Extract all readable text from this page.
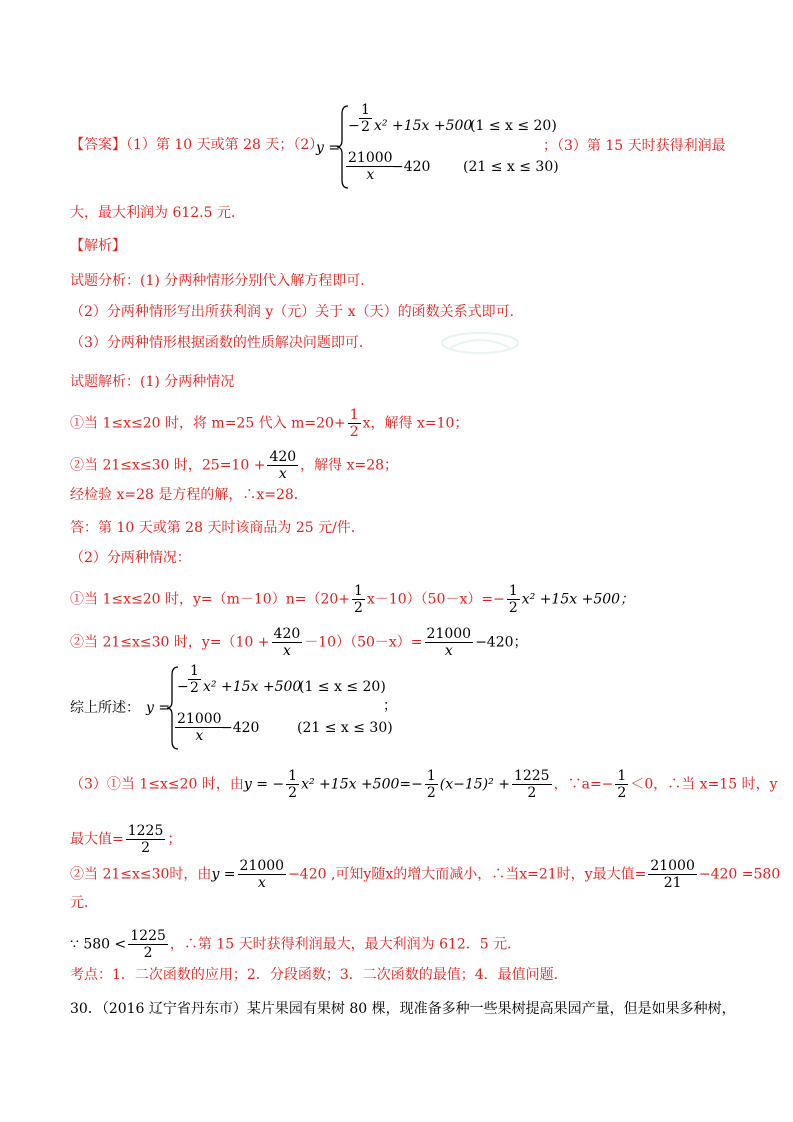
【答案】（1）第 10 天或第 28 天；（2）
y =
− $\frac{1}{2} x^2 +15x +500$
(1 ≤ x ≤ 20)
$\frac{21000}{x}$
−420 (21 ≤ x ≤ 30)
；（3）第 15 天时获得利润最
大，最大利润为 612.5 元．
【解析】
试题分析：(1) 分两种情形分别代入解方程即可．
（2）分两种情形写出所获利润 y（元）关于 x（天）的函数关系式即可．
（3）分两种情形根据函数的性质解决问题即可．
试题解析：(1) 分两种情况
①当 1≤x≤20 时，将 m=25 代入 $m=20+ \frac{1}{2}$ x，解得 x=10；
②当 21≤x≤30 时，$25=10 + \frac{420}{x}$ ，解得 x=28；
经检验 x=28 是方程的解，∴x=28．
答：第 10 天或第 28 天时该商品为 25 元/件．
（2）分两种情况：
①当 1≤x≤20 时，$y=(m-10)n=(20+ \frac{1}{2} x-10)(50-x)=- \frac{1}{2} x^2 +15x +500$；
②当 21≤x≤30 时，$y=(10 + \frac{420}{x} -10)(50-x)= \frac{21000}{x} -420$；
综上所述： y =
− $\frac{1}{2} x^2 +15x +500$
(1 ≤ x ≤ 20)
$\frac{21000}{x}$
−420	(21 ≤ x ≤ 30)
；
（3）①当 1≤x≤20 时，由y = − $\frac{1}{2} x^2 +15x +500=- \frac{1}{2} (x-15)^2 + \frac{1225}{2}$ ，∵a=− $\frac{1}{2} <0$，∴当 x=15 时，y
最大值= $\frac{1225}{2}$ ；
②当 21≤x≤30时，由$y = \frac{21000}{x} -420$ ,可知y随x的增大而减小，∴当x=21时，y最大值= $\frac{21000}{21} -420 =580$
元．
∵ $580 < \frac{1225}{2}$ ，∴第 15 天时获得利润最大，最大利润为 612．5 元．
考点：1．二次函数的应用；2．分段函数；3．二次函数的最值；4．最值问题．
30．（2016 辽宁省丹东市）某片果园有果树 80 棵，现准备多种一些果树提高果园产量，但是如果多种树，
